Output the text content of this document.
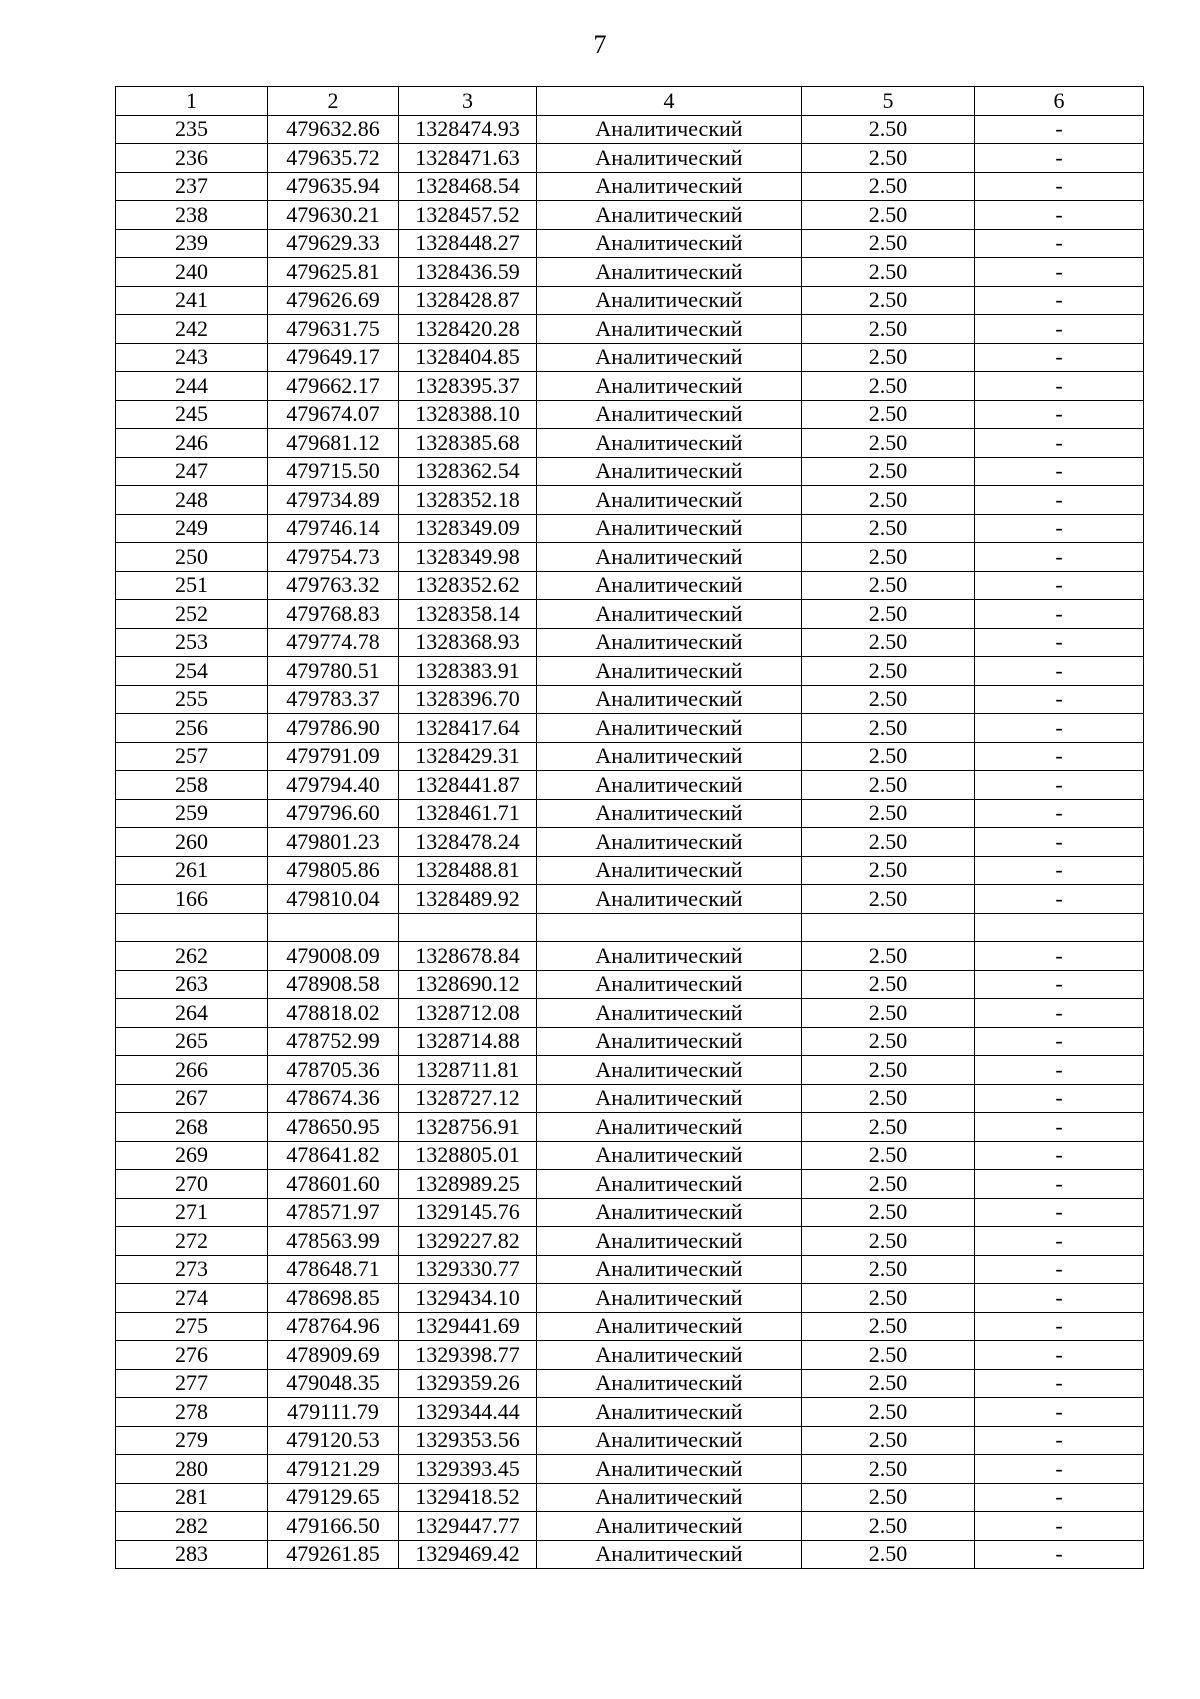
7
1	2	3	4	5	6
235	479632.86	1328474.93	Аналитический	2.50	-
236	479635.72	1328471.63	Аналитический	2.50	-
237	479635.94	1328468.54	Аналитический	2.50	-
238	479630.21	1328457.52	Аналитический	2.50	-
239	479629.33	1328448.27	Аналитический	2.50	-
240	479625.81	1328436.59	Аналитический	2.50	-
241	479626.69	1328428.87	Аналитический	2.50	-
242	479631.75	1328420.28	Аналитический	2.50	-
243	479649.17	1328404.85	Аналитический	2.50	-
244	479662.17	1328395.37	Аналитический	2.50	-
245	479674.07	1328388.10	Аналитический	2.50	-
246	479681.12	1328385.68	Аналитический	2.50	-
247	479715.50	1328362.54	Аналитический	2.50	-
248	479734.89	1328352.18	Аналитический	2.50	-
249	479746.14	1328349.09	Аналитический	2.50	-
250	479754.73	1328349.98	Аналитический	2.50	-
251	479763.32	1328352.62	Аналитический	2.50	-
252	479768.83	1328358.14	Аналитический	2.50	-
253	479774.78	1328368.93	Аналитический	2.50	-
254	479780.51	1328383.91	Аналитический	2.50	-
255	479783.37	1328396.70	Аналитический	2.50	-
256	479786.90	1328417.64	Аналитический	2.50	-
257	479791.09	1328429.31	Аналитический	2.50	-
258	479794.40	1328441.87	Аналитический	2.50	-
259	479796.60	1328461.71	Аналитический	2.50	-
260	479801.23	1328478.24	Аналитический	2.50	-
261	479805.86	1328488.81	Аналитический	2.50	-
166	479810.04	1328489.92	Аналитический	2.50	-

262	479008.09	1328678.84	Аналитический	2.50	-
263	478908.58	1328690.12	Аналитический	2.50	-
264	478818.02	1328712.08	Аналитический	2.50	-
265	478752.99	1328714.88	Аналитический	2.50	-
266	478705.36	1328711.81	Аналитический	2.50	-
267	478674.36	1328727.12	Аналитический	2.50	-
268	478650.95	1328756.91	Аналитический	2.50	-
269	478641.82	1328805.01	Аналитический	2.50	-
270	478601.60	1328989.25	Аналитический	2.50	-
271	478571.97	1329145.76	Аналитический	2.50	-
272	478563.99	1329227.82	Аналитический	2.50	-
273	478648.71	1329330.77	Аналитический	2.50	-
274	478698.85	1329434.10	Аналитический	2.50	-
275	478764.96	1329441.69	Аналитический	2.50	-
276	478909.69	1329398.77	Аналитический	2.50	-
277	479048.35	1329359.26	Аналитический	2.50	-
278	479111.79	1329344.44	Аналитический	2.50	-
279	479120.53	1329353.56	Аналитический	2.50	-
280	479121.29	1329393.45	Аналитический	2.50	-
281	479129.65	1329418.52	Аналитический	2.50	-
282	479166.50	1329447.77	Аналитический	2.50	-
283	479261.85	1329469.42	Аналитический	2.50	-
